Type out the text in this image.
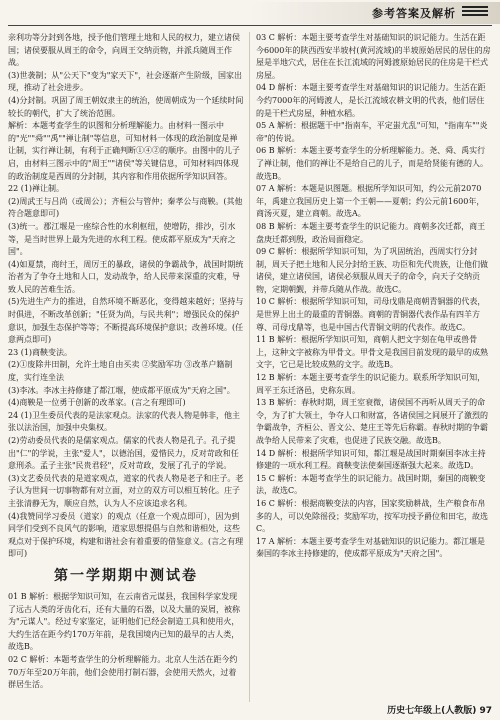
参考答案及解析

亲利功等分封到各地，授予他们管理土地和人民的权力，建立诸侯国；诸侯要服从周王的命令，向周王交纳贡物，并派兵随周王作战。

(3)世袭制；从"公天下"变为"家天下"，社会逐渐产生阶级，国家出现，推动了社会进步。

(4)分封制。巩固了周王朝奴隶主的统治，使周朝成为一个延续时间较长的朝代，扩大了统治范围。

解析：本题考查学生的识图和分析理解能力。由材料一图示中的"光""舜""禹""禅让制"等信息，可知材料一体现的政治制度是禅让制，实行禅让制，有利于正确判断①④②的顺序。由图中的儿子启，由材料三图示中的"周王""诸侯"等关键信息，可知材料四体现的政治制度是西周的分封制，其内容和作用依据所学知识回答。

22 (1)禅让制。

(2)周武王与吕尚（或周公）；齐桓公与管仲；秦孝公与商鞅。(其他符合题意即可)

(3)统一。郡江堰是一座综合性的水利枢纽，使增防，排沙，引水等，是当时世界上最为先进的水利工程。使成都平原成为"天府之国"。

(4)如夏禁，商纣王，周厉王的暴政，诸侯的争霸战争，战国时期统治者为了争夺土地和人口，发动战争，给人民带来深重的灾难，导致人民的苦难生活。

(5)先进生产力的推进，自然环境不断恶化，变得越来越好；坚持与时俱进，不断改革创新；"任贤为尚，与民共利"；增强民众的保护意识，加强生态保护等等；不断提高环境保护意识；改善环境。(任意两点即可)

23 (1)商鞅变法。

(2)①废除井田制，允许土地自由买卖 ②奖励军功 ③改革户籍制度，实行连坐法

(3)李冰。李冰主持修建了都江堰，使成都平原成为"天府之国"。

(4)商鞅是一位勇于创新的改革家。(言之有理即可)

24 (1)卫生委员代表的是法家观点。法家的代表人物是韩非，他主张以法治国，加强中央集权。

(2)劳动委员代表的是儒家观点。儒家的代表人物是孔子。孔子提出"仁"的学说，主张"爱人"，以德治国，爱惜民力，反对苛政和任意刑杀。孟子主张"民贵君轻"，反对苛政，发展了孔子的学说。

(3)文艺委员代表的是道家观点，道家的代表人物是老子和庄子。老子认为世间一切事物都有对立面，对立的双方可以相互转化。庄子主张清静无为，顺应自然，认为人不应该追求名利。

(4)我赞同学习委员（道家）的观点（任意一个观点即可），因为到同学们受到不良风气的影响，道家思想提倡与自然和谐相处，这些观点对于保护环境，构建和谐社会有着重要的借鉴意义。(言之有理即可)

第一学期期中测试卷

01 B 解析：根据学知识可知，在云南省元谋县，我国科学家发现了远古人类的牙齿化石，还有大量的石器，以及大量的炭屑，被称为"元谋人"。经过专家鉴定，证明他们已经会制造工具和使用火，大约生活在距今约170万年前，是我国境内已知的最早的古人类，故选B。

02 C 解析：本题考查学生的分析理解能力。北京人生活在距今约70万年至20万年前，他们会使用打制石器，会使用天然火，过着群居生活。

03 C 解析：本题主要考查学生对基础知识的识记能力。生活在距今6000年的陕西西安半坡村(黄河流域)的半坡原始居民的居住的房屋是半地穴式，居住在长江流域的河姆渡原始居民的住房是干栏式房屋。

04 D 解析：本题主要考查学生对基础知识的识记能力。生活在距今约7000年的河姆渡人，是长江流域农耕文明的代表，他们居住的是干栏式房屋，种植水稻。

05 A 解析：根据题干中"指南车，平定蚩尤乱"可知，"指南车""炎帝"的传说。

06 B 解析：本题主要考查学生的分析理解能力。尧、舜、禹实行了禅让制，他们的禅让不是给自己的儿子，而是给贤能有德的人。故选B。

07 A 解析：本题是识图题。根据所学知识可知，约公元前2070年，禹建立我国历史上第一个王朝——夏朝；约公元前1600年，商汤灭夏，建立商朝。故选A。

08 B 解析：本题主要考查学生的识记能力。商朝多次迁都，商王盘庚迁都到殷，政治局面稳定。

09 C 解析：根据所学知识可知，为了巩固统治，西周实行分封制，周天子把土地和人民分封给王族、功臣和先代贵族，让他们做诸侯，建立诸侯国，诸侯必须服从周天子的命令，向天子交纳贡物，定期朝觐，并带兵随从作战。故选C。

10 C 解析：根据所学知识可知，司母戊鼎是商朝青铜器的代表，是世界上出土的最重的青铜器。商朝的青铜器代表作品有四羊方尊、司母戊鼎等，也是中国古代青铜文明的代表作。故选C。

11 B 解析：根据所学知识可知，商朝人把文字刻在龟甲或兽骨上，这种文字被称为甲骨文。甲骨文是我国目前发现的最早的成熟文字，它已是比较成熟的文字。故选B。

12 B 解析：本题主要考查学生的识记能力。联系所学知识可知，周平王东迁洛邑，史称东周。

13 B 解析：春秋时期，周王室衰微，诸侯国不再听从周天子的命令，为了扩大领土，争夺人口和财富，各诸侯国之间展开了激烈的争霸战争，齐桓公、晋文公、楚庄王等先后称霸。春秋时期的争霸战争给人民带来了灾难，也促进了民族交融。故选B。

14 D 解析：根据所学知识可知，都江堰是战国时期秦国李冰主持修建的一项水利工程。商鞅变法使秦国逐渐强大起来。故选D。

15 C 解析：本题考查学生的识记能力。战国时期，秦国的商鞅变法，故选C。

16 C 解析：根据商鞅变法的内容，国家奖励耕战，生产粮食布帛多的人，可以免除徭役；奖励军功，按军功授予爵位和田宅，故选C。

17 A 解析：本题主要考查学生对基础知识的识记能力。都江堰是秦国的李冰主持修建的，使成都平原成为"天府之国"。

历史七年级上(人教版) 97
